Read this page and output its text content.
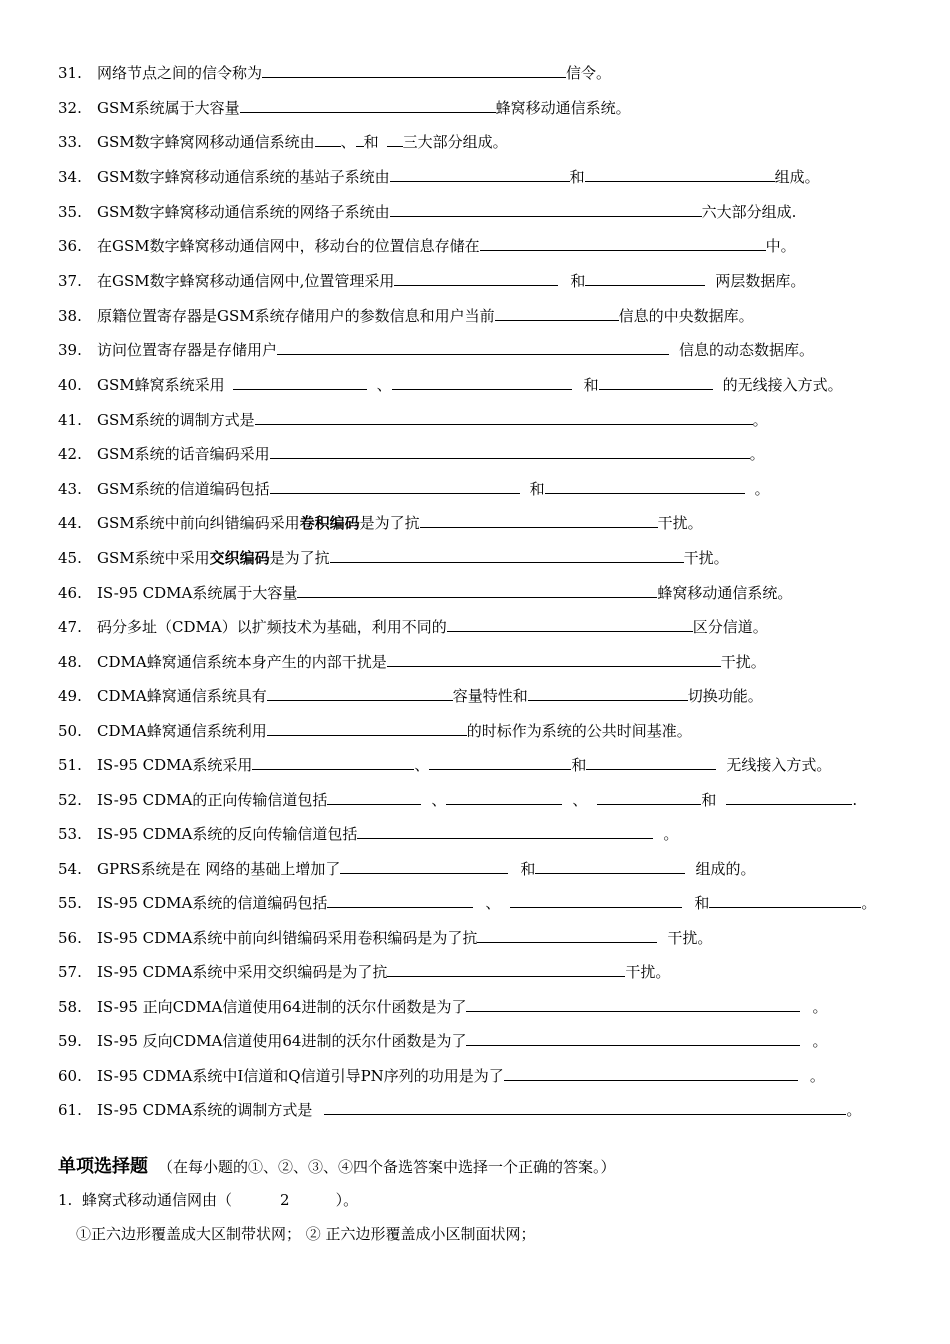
31. 网络节点之间的信令称为	信令。
32. GSM系统属于大容量	蜂窝移动通信系统。
33. GSM数字蜂窝网移动通信系统由 、 和 三大部分组成。
34. GSM数字蜂窝移动通信系统的基站子系统由	和	组成。
35. GSM数字蜂窝移动通信系统的网络子系统由	六大部分组成.
36. 在GSM数字蜂窝移动通信网中，移动台的位置信息存储在	中。
37. 在GSM数字蜂窝移动通信网中,位置管理采用	和	两层数据库。
38. 原籍位置寄存器是GSM系统存储用户的参数信息和用户当前	信息的中央数据库。
39. 访问位置寄存器是存储用户	信息的动态数据库。
40. GSM蜂窝系统采用	、	和	的无线接入方式。
41. GSM系统的调制方式是	。
42. GSM系统的话音编码采用	。
43. GSM系统的信道编码包括	和	。
44. GSM系统中前向纠错编码采用卷积编码是为了抗	干扰。
45. GSM系统中采用交织编码是为了抗	干扰。
46. IS-95 CDMA系统属于大容量	蜂窝移动通信系统。
47. 码分多址（CDMA）以扩频技术为基础，利用不同的	区分信道。
48. CDMA蜂窝通信系统本身产生的内部干扰是	干扰。
49. CDMA蜂窝通信系统具有	容量特性和	切换功能。
50. CDMA蜂窝通信系统利用	的时标作为系统的公共时间基准。
51. IS-95 CDMA系统采用	、	和	无线接入方式。
52. IS-95 CDMA的正向传输信道包括	、	、	和	.
53. IS-95 CDMA系统的反向传输信道包括	。
54. GPRS系统是在 网络的基础上增加了	和	组成的。
55. IS-95 CDMA系统的信道编码包括	、	和	。
56. IS-95 CDMA系统中前向纠错编码采用卷积编码是为了抗	干扰。
57. IS-95 CDMA系统中采用交织编码是为了抗	干扰。
58. IS-95 正向CDMA信道使用64进制的沃尔什函数是为了	。
59. IS-95 反向CDMA信道使用64进制的沃尔什函数是为了	。
60. IS-95 CDMA系统中I信道和Q信道引导PN序列的功用是为了	。
61. IS-95 CDMA系统的调制方式是	。
单项选择题 （在每小题的①、②、③、④四个备选答案中选择一个正确的答案。）
1. 蜂窝式移动通信网由（	2	）。
①正六边形覆盖成大区制带状网； ② 正六边形覆盖成小区制面状网；
